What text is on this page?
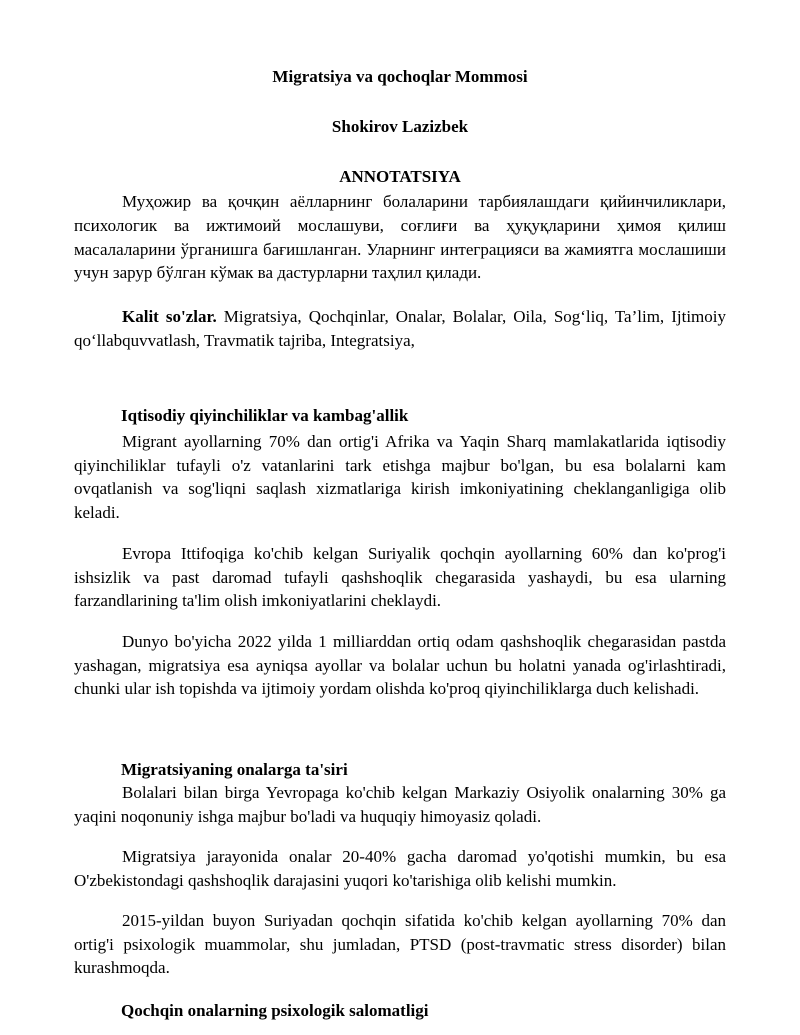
Migratsiya va qochoqlar Mommosi

Shokirov Lazizbek

ANNOTATSIYA

Муҳожир ва қочқин аёлларнинг болаларини тарбиялашдаги қийинчиликлари, психологик ва ижтимоий мослашуви, соғлиғи ва ҳуқуқларини ҳимоя қилиш масалаларини ўрганишга бағишланган. Уларнинг интеграцияси ва жамиятга мослашиши учун зарур бўлган кўмак ва дастурларни таҳлил қилади.

Kalit so'zlar. Migratsiya, Qochqinlar, Onalar, Bolalar, Oila, Sog‘liq, Ta’lim, Ijtimoiy qo‘llabquvvatlash, Travmatik tajriba, Integratsiya,

Iqtisodiy qiyinchiliklar va kambag'allik

Migrant ayollarning 70% dan ortig'i Afrika va Yaqin Sharq mamlakatlarida iqtisodiy qiyinchiliklar tufayli o'z vatanlarini tark etishga majbur bo'lgan, bu esa bolalarni kam ovqatlanish va sog'liqni saqlash xizmatlariga kirish imkoniyatining cheklanganligiga olib keladi.

Evropa Ittifoqiga ko'chib kelgan Suriyalik qochqin ayollarning 60% dan ko'prog'i ishsizlik va past daromad tufayli qashshoqlik chegarasida yashaydi, bu esa ularning farzandlarining ta'lim olish imkoniyatlarini cheklaydi.

Dunyo bo'yicha 2022 yilda 1 milliarddan ortiq odam qashshoqlik chegarasidan pastda yashagan, migratsiya esa ayniqsa ayollar va bolalar uchun bu holatni yanada og'irlashtiradi, chunki ular ish topishda va ijtimoiy yordam olishda ko'proq qiyinchiliklarga duch kelishadi.

Migratsiyaning onalarga ta'siri

Bolalari bilan birga Yevropaga ko'chib kelgan Markaziy Osiyolik onalarning 30% ga yaqini noqonuniy ishga majbur bo'ladi va huquqiy himoyasiz qoladi.

Migratsiya jarayonida onalar 20-40% gacha daromad yo'qotishi mumkin, bu esa O'zbekistondagi qashshoqlik darajasini yuqori ko'tarishiga olib kelishi mumkin.

2015-yildan buyon Suriyadan qochqin sifatida ko'chib kelgan ayollarning 70% dan ortig'i psixologik muammolar, shu jumladan, PTSD (post-travmatic stress disorder) bilan kurashmoqda.

Qochqin onalarning psixologik salomatligi
